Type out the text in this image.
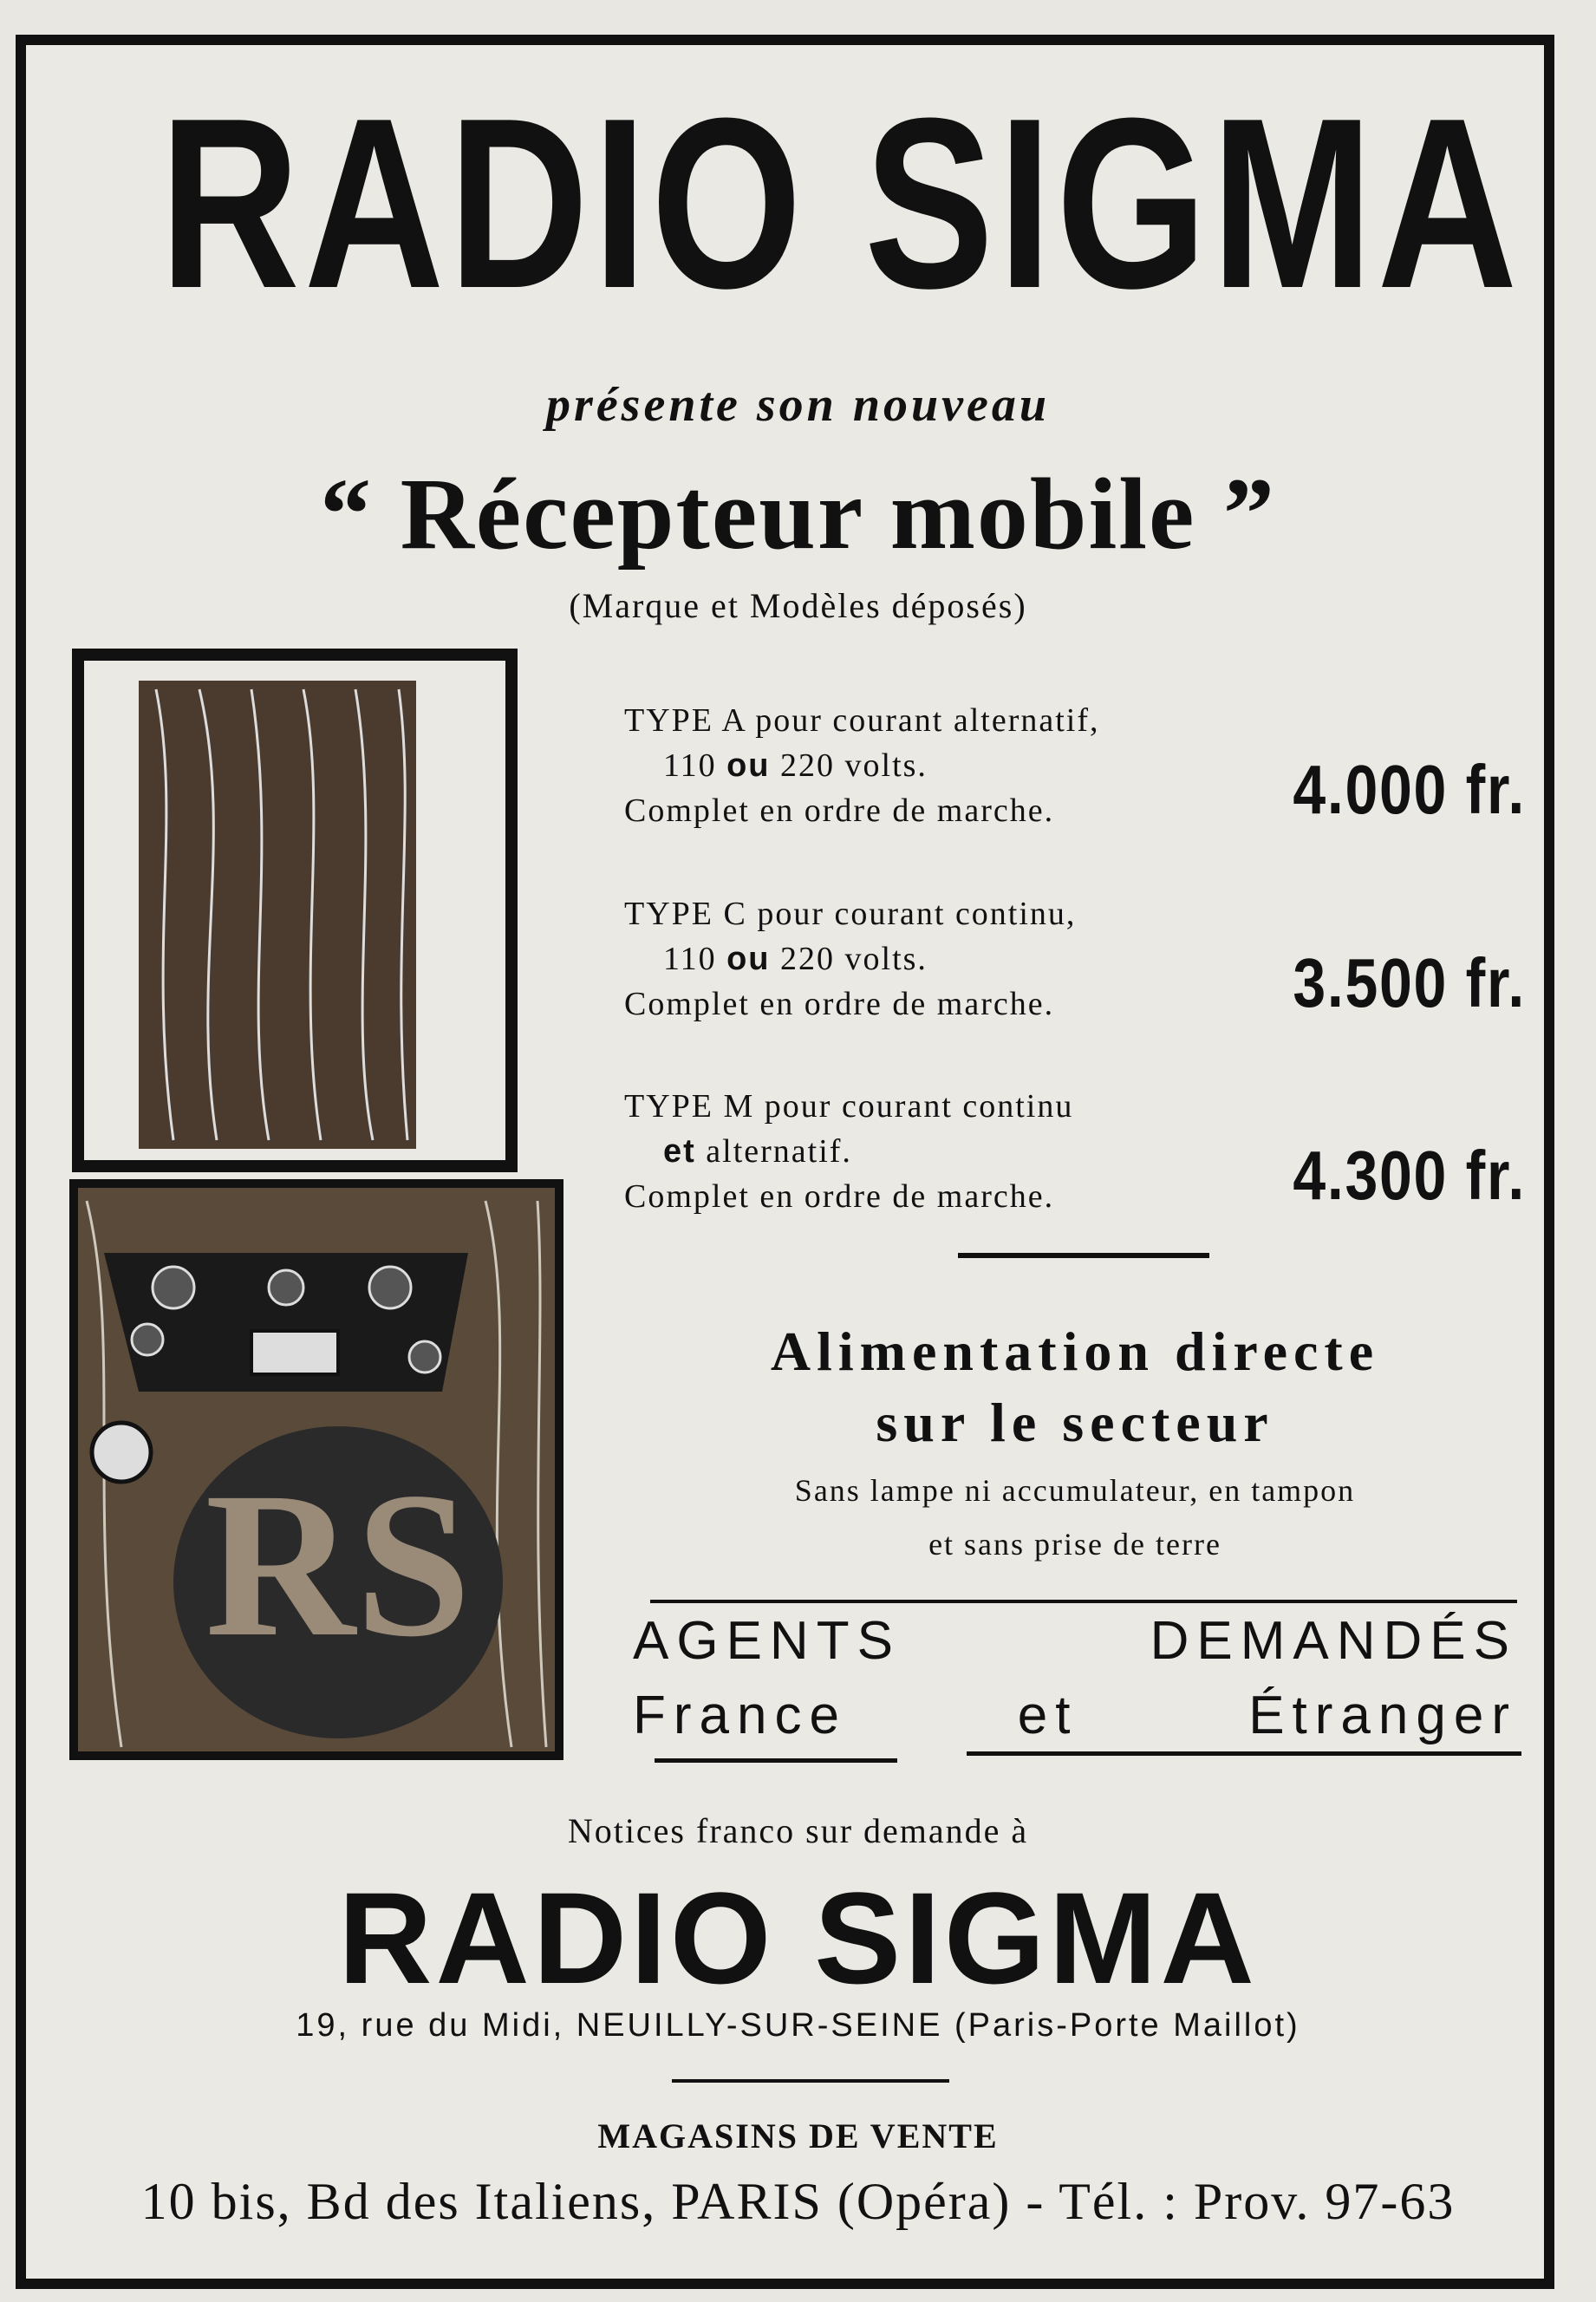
RADIO SIGMA
présente son nouveau
“ Récepteur mobile ”
(Marque et Modèles déposés)
RS
TYPE A pour courant alternatif,
110 ou 220 volts.
Complet en ordre de marche.	4.000 fr.
TYPE C pour courant continu,
110 ou 220 volts.
Complet en ordre de marche.	3.500 fr.
TYPE M pour courant continu
et alternatif.
Complet en ordre de marche.	4.300 fr.
Alimentation directe
sur le secteur
Sans lampe ni accumulateur, en tampon
et sans prise de terre
AGENTS	DEMANDÉS
France	et	Étranger
Notices franco sur demande à
RADIO SIGMA
19, rue du Midi, NEUILLY-SUR-SEINE (Paris-Porte Maillot)
MAGASINS DE VENTE
10 bis, Bd des Italiens, PARIS (Opéra) - Tél. : Prov. 97-63
